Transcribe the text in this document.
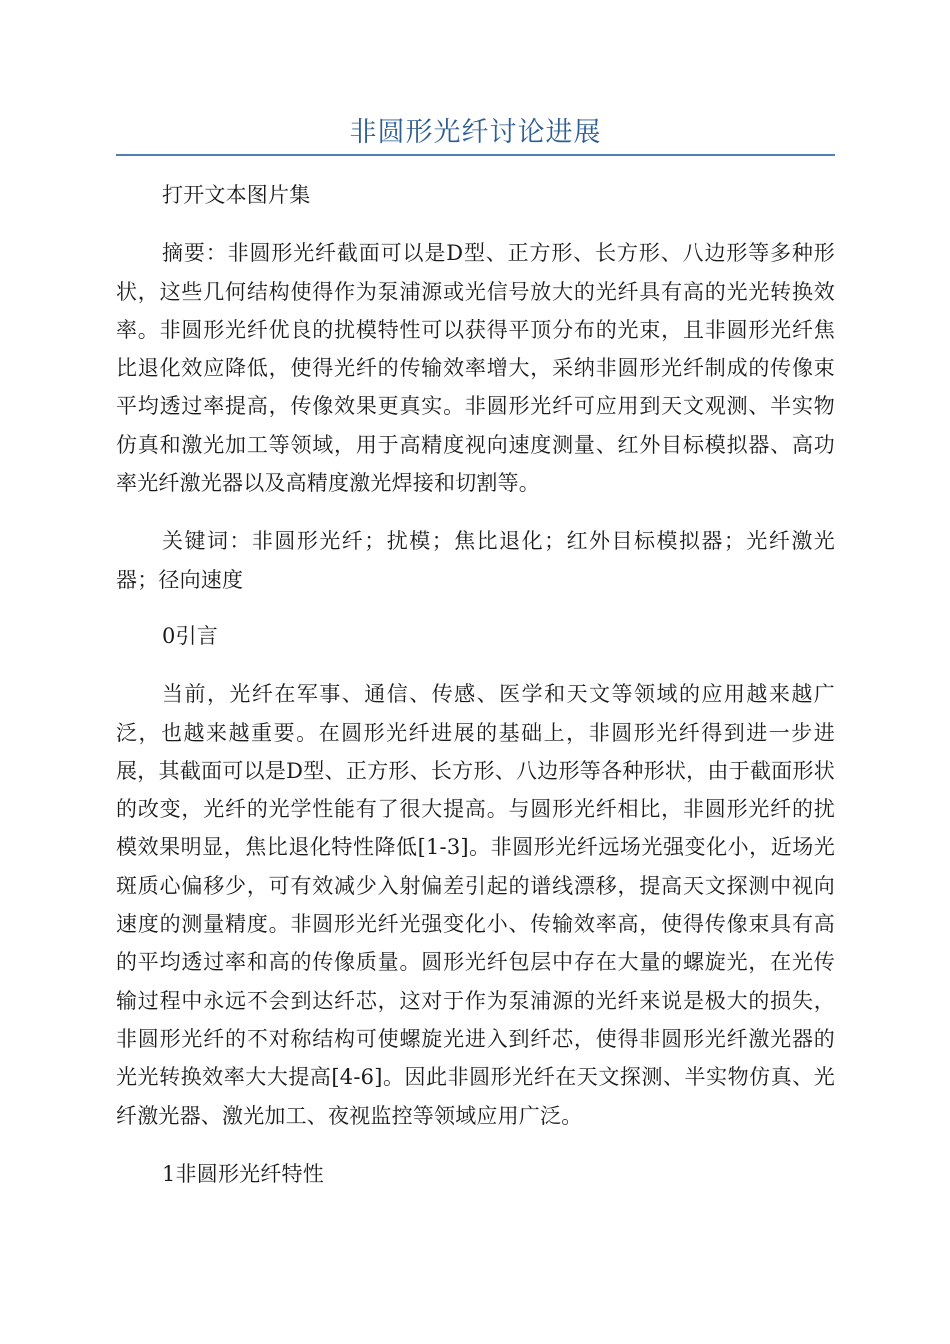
非圆形光纤讨论进展

打开文本图片集

摘要：非圆形光纤截面可以是D型、正方形、长方形、八边形等多种形状，这些几何结构使得作为泵浦源或光信号放大的光纤具有高的光光转换效率。非圆形光纤优良的扰模特性可以获得平顶分布的光束，且非圆形光纤焦比退化效应降低，使得光纤的传输效率增大，采纳非圆形光纤制成的传像束平均透过率提高，传像效果更真实。非圆形光纤可应用到天文观测、半实物仿真和激光加工等领域，用于高精度视向速度测量、红外目标模拟器、高功率光纤激光器以及高精度激光焊接和切割等。

关键词：非圆形光纤；扰模；焦比退化；红外目标模拟器；光纤激光器；径向速度

0引言

当前，光纤在军事、通信、传感、医学和天文等领域的应用越来越广泛，也越来越重要。在圆形光纤进展的基础上，非圆形光纤得到进一步进展，其截面可以是D型、正方形、长方形、八边形等各种形状，由于截面形状的改变，光纤的光学性能有了很大提高。与圆形光纤相比，非圆形光纤的扰模效果明显，焦比退化特性降低[1-3]。非圆形光纤远场光强变化小，近场光斑质心偏移少，可有效减少入射偏差引起的谱线漂移，提高天文探测中视向速度的测量精度。非圆形光纤光强变化小、传输效率高，使得传像束具有高的平均透过率和高的传像质量。圆形光纤包层中存在大量的螺旋光，在光传输过程中永远不会到达纤芯，这对于作为泵浦源的光纤来说是极大的损失，非圆形光纤的不对称结构可使螺旋光进入到纤芯，使得非圆形光纤激光器的光光转换效率大大提高[4-6]。因此非圆形光纤在天文探测、半实物仿真、光纤激光器、激光加工、夜视监控等领域应用广泛。

1非圆形光纤特性
